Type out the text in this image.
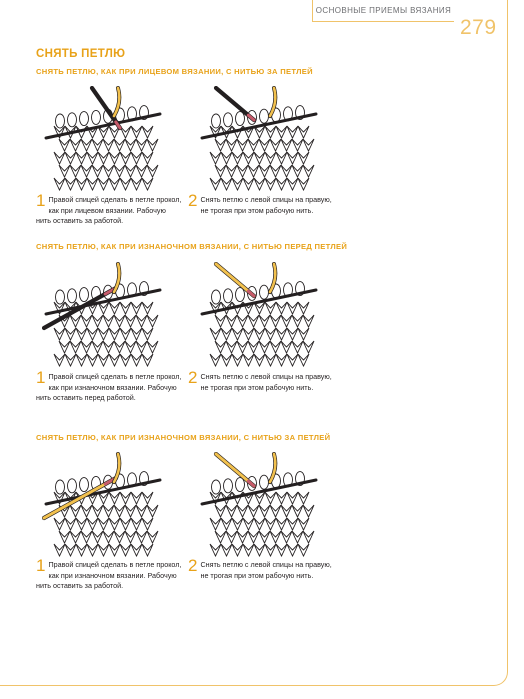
ОСНОВНЫЕ ПРИЕМЫ ВЯЗАНИЯ
279
СНЯТЬ ПЕТЛЮ
СНЯТЬ ПЕТЛЮ, КАК ПРИ ЛИЦЕВОМ ВЯЗАНИИ, С НИТЬЮ ЗА ПЕТЛЕЙ
1 Правой спицей сделать в петле прокол, как при лицевом вязании. Рабочую нить оставить за работой.

2 Снять петлю с левой спицы на правую, не трогая при этом рабочую нить.

СНЯТЬ ПЕТЛЮ, КАК ПРИ ИЗНАНОЧНОМ ВЯЗАНИИ, С НИТЬЮ ПЕРЕД ПЕТЛЕЙ
1 Правой спицей сделать в петле прокол, как при изнаночном вязании. Рабочую нить оставить перед работой.

2 Снять петлю с левой спицы на правую, не трогая при этом рабочую нить.

СНЯТЬ ПЕТЛЮ, КАК ПРИ ИЗНАНОЧНОМ ВЯЗАНИИ, С НИТЬЮ ЗА ПЕТЛЕЙ
1 Правой спицей сделать в петле прокол, как при изнаночном вязании. Рабочую нить оставить за работой.

2 Снять петлю с левой спицы на правую, не трогая при этом рабочую нить.
